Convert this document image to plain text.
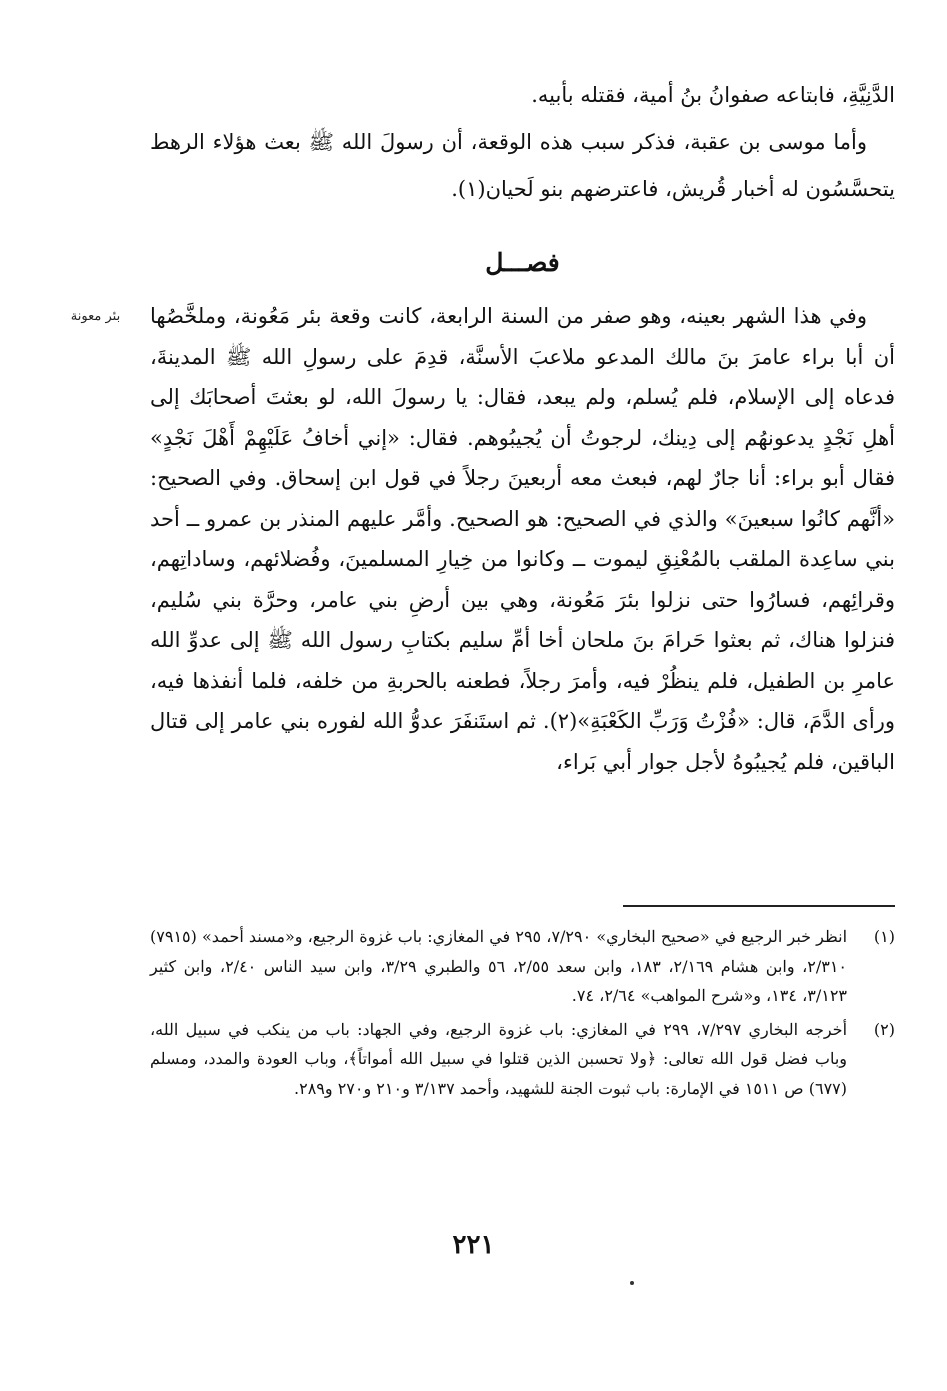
الدَّنِيَّةِ، فابتاعه صفوانُ بنُ أمية، فقتله بأبيه.

وأما موسى بن عقبة، فذكر سبب هذه الوقعة، أن رسولَ الله ﷺ بعث هؤلاء الرهط يتحسَّسُون له أخبار قُريش، فاعترضهم بنو لَحيان(١).

فصـــل
بئر معونة	وفي هذا الشهر بعينه، وهو صفر من السنة الرابعة، كانت وقعة بئر مَعُونة، وملخَّصُها أن أبا براء عامرَ بنَ مالك المدعو ملاعبَ الأسنَّة، قدِمَ على رسولِ الله ﷺ المدينةَ، فدعاه إلى الإسلام، فلم يُسلم، ولم يبعد، فقال: يا رسولَ الله، لو بعثتَ أصحابَك إلى أهلِ نَجْدٍ يدعونهُم إلى دِينك، لرجوتُ أن يُجيبُوهم. فقال: «إني أخافُ عَلَيْهِمْ أَهْلَ نَجْدٍ» فقال أبو براء: أنا جارٌ لهم، فبعث معه أربعينَ رجلاً في قول ابن إسحاق. وفي الصحيح: «أنَّهم كانُوا سبعينَ» والذي في الصحيح: هو الصحيح. وأمَّر عليهم المنذر بن عمرو ــ أحد بني ساعِدة الملقب بالمُعْنِقِ ليموت ــ وكانوا من خِيارِ المسلمينَ، وفُضلائهم، وساداتِهم، وقرائِهم، فسارُوا حتى نزلوا بئرَ مَعُونة، وهي بين أرضِ بني عامر، وحرَّة بني سُليم، فنزلوا هناك، ثم بعثوا حَرامَ بنَ ملحان أخا أمِّ سليم بكتابِ رسول الله ﷺ إلى عدوِّ الله عامرِ بن الطفيل، فلم ينظُرْ فيه، وأمرَ رجلاً، فطعنه بالحربةِ من خلفه، فلما أنفذها فيه، ورأى الدَّمَ، قال: «فُزْتُ وَرَبِّ الكَعْبَةِ»(٢). ثم استَنفَرَ عدوُّ الله لفوره بني عامر إلى قتال الباقين، فلم يُجيبُوهُ لأجل جوار أبي بَراء،

(١)
انظر خبر الرجيع في «صحيح البخاري» ٧/٢٩٠، ٢٩٥ في المغازي: باب غزوة الرجيع، و«مسند أحمد» (٧٩١٥) ٢/٣١٠، وابن هشام ٢/١٦٩، ١٨٣، وابن سعد ٢/٥٥، ٥٦ والطبري ٣/٢٩، وابن سيد الناس ٢/٤٠، وابن كثير ٣/١٢٣، ١٣٤، و«شرح المواهب» ٢/٦٤، ٧٤.
(٢)
أخرجه البخاري ٧/٢٩٧، ٢٩٩ في المغازي: باب غزوة الرجيع، وفي الجهاد: باب من ينكب في سبيل الله، وباب فضل قول الله تعالى: ﴿ولا تحسبن الذين قتلوا في سبيل الله أمواتاً﴾، وباب العودة والمدد، ومسلم (٦٧٧) ص ١٥١١ في الإمارة: باب ثبوت الجنة للشهيد، وأحمد ٣/١٣٧ و٢١٠ و٢٧٠ و٢٨٩.
٢٢١
